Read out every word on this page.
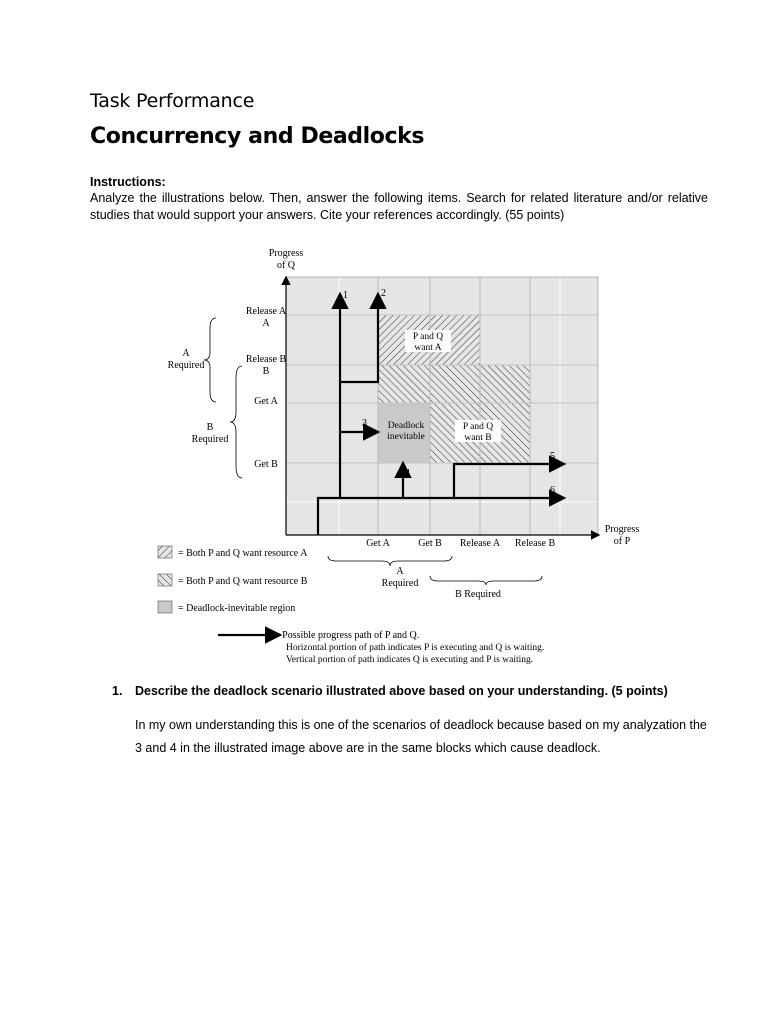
Task Performance
Concurrency and Deadlocks
Instructions:
Analyze the illustrations below. Then, answer the following items. Search for related literature and/or relative studies that would support your answers. Cite your references accordingly. (55 points)
Progress
of Q
Progress
of P
Release A
A
Release B
B
Get A
Get B
A
Required
B
Required
Get A	Get B Release A Release B
A
Required
B Required
P and Q
want A
P and Q
want B
Deadlock
inevitable
1	2
3
4
5
6
= Both P and Q want resource A
= Both P and Q want resource B
= Deadlock-inevitable region
= Possible progress path of P and Q.
Horizontal portion of path indicates P is executing and Q is waiting.
Vertical portion of path indicates Q is executing and P is waiting.
1. Describe the deadlock scenario illustrated above based on your understanding. (5 points)
In my own understanding this is one of the scenarios of deadlock because based on my analyzation the 3 and 4 in the illustrated image above are in the same blocks which cause deadlock.
